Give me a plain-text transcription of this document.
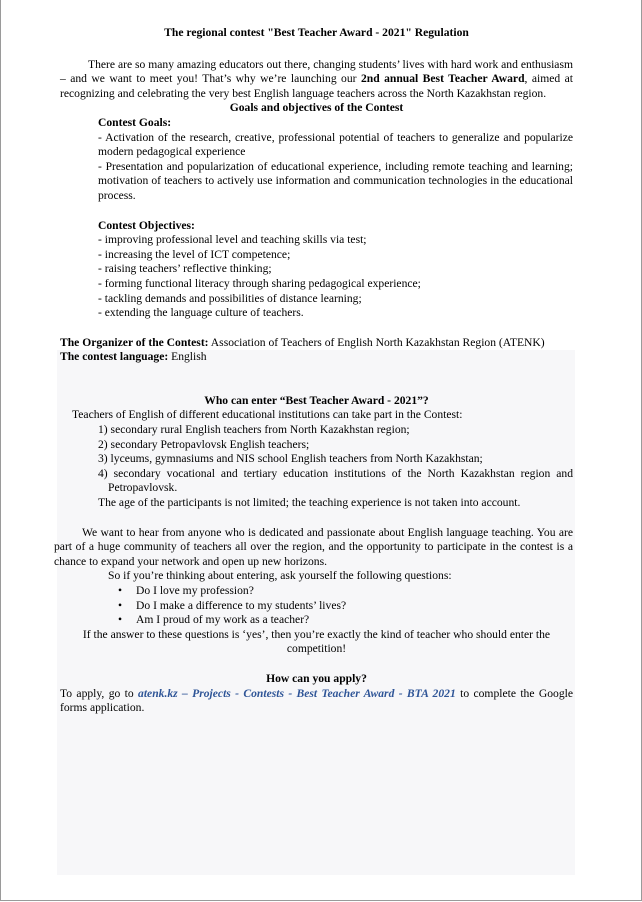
The regional contest "Best Teacher Award - 2021" Regulation

There are so many amazing educators out there, changing students’ lives with hard work and enthusiasm – and we want to meet you! That’s why we’re launching our 2nd annual Best Teacher Award, aimed at recognizing and celebrating the very best English language teachers across the North Kazakhstan region.

Goals and objectives of the Contest

Contest Goals:

- Activation of the research, creative, professional potential of teachers to generalize and popularize modern pedagogical experience

- Presentation and popularization of educational experience, including remote teaching and learning; motivation of teachers to actively use information and communication technologies in the educational process.

Contest Objectives:

- improving professional level and teaching skills via test;

- increasing the level of ICT competence;

- raising teachers’ reflective thinking;

- forming functional literacy through sharing pedagogical experience;

- tackling demands and possibilities of distance learning;

- extending the language culture of teachers.

The Organizer of the Contest: Association of Teachers of English North Kazakhstan Region (ATENK)

The contest language: English

Who can enter “Best Teacher Award - 2021”?

Teachers of English of different educational institutions can take part in the Contest:

1) secondary rural English teachers from North Kazakhstan region;
2) secondary Petropavlovsk English teachers;
3) lyceums, gymnasiums and NIS school English teachers from North Kazakhstan;
4) secondary vocational and tertiary education institutions of the North Kazakhstan region and Petropavlovsk.
The age of the participants is not limited; the teaching experience is not taken into account.

We want to hear from anyone who is dedicated and passionate about English language teaching. You are part of a huge community of teachers all over the region, and the opportunity to participate in the contest is a chance to expand your network and open up new horizons.

So if you’re thinking about entering, ask yourself the following questions:

• Do I love my profession?
• Do I make a difference to my students’ lives?
• Am I proud of my work as a teacher?

If the answer to these questions is ‘yes’, then you’re exactly the kind of teacher who should enter the competition!

How can you apply?

To apply, go to atenk.kz – Projects - Contests - Best Teacher Award - BTA 2021 to complete the Google forms application.
